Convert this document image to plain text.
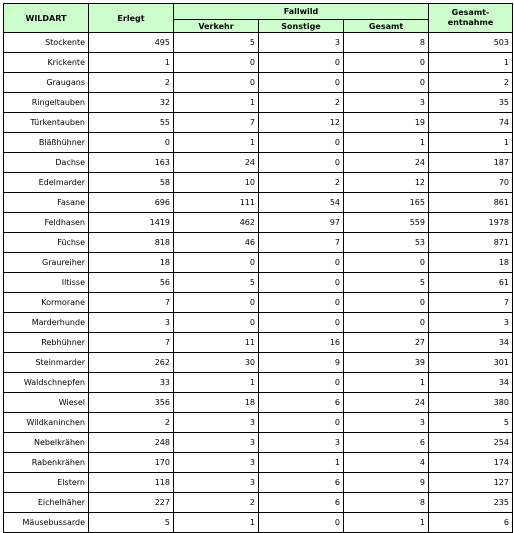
WILDART	Erlegt	Fallwild			Gesamt-
entnahme
		Verkehr	Sonstige	Gesamt	
Stockente	495	5	3	8	503
Krickente	1	0	0	0	1
Graugans	2	0	0	0	2
Ringeltauben	32	1	2	3	35
Türkentauben	55	7	12	19	74
Bläßhühner	0	1	0	1	1
Dachse	163	24	0	24	187
Edelmarder	58	10	2	12	70
Fasane	696	111	54	165	861
Feldhasen	1419	462	97	559	1978
Füchse	818	46	7	53	871
Graureiher	18	0	0	0	18
Iltisse	56	5	0	5	61
Kormorane	7	0	0	0	7
Marderhunde	3	0	0	0	3
Rebhühner	7	11	16	27	34
Steinmarder	262	30	9	39	301
Waldschnepfen	33	1	0	1	34
Wiesel	356	18	6	24	380
Wildkaninchen	2	3	0	3	5
Nebelkrähen	248	3	3	6	254
Rabenkrähen	170	3	1	4	174
Elstern	118	3	6	9	127
Eichelhäher	227	2	6	8	235
Mäusebussarde	5	1	0	1	6
